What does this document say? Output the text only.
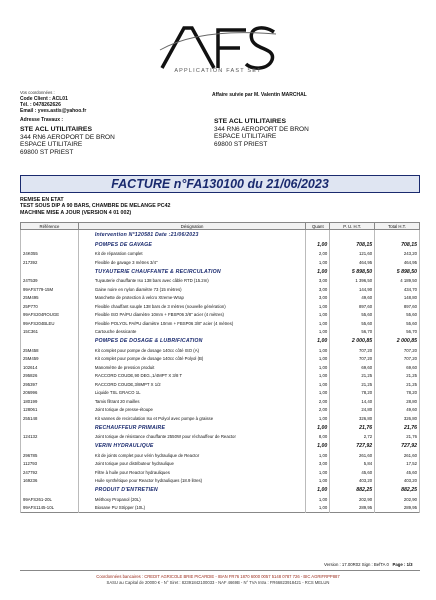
APPLICATION FAST SET
Vos coordonnées :
Code Client : ACL01
Tél. : 0478262626
Email : yves.astis@yahoo.fr
Affaire suivie par M. Valentin MARCHAL
Adresse Travaux :
STE ACL UTILITAIRES
344 RN6 AEROPORT DE BRON
ESPACE UTILITAIRE
69800 ST PRIEST
STE ACL UTILITAIRES
344 RN6 AEROPORT DE BRON
ESPACE UTILITAIRE
69800 ST PRIEST
FACTURE n°FA130100 du 21/06/2023
REMISE EN ETAT
TEST SOUS DIP A 90 BARS, CHAMBRE DE MELANGE PC42
MACHINE MISE A JOUR (VERSION 4 01 002)
Référence	Désignation	Quant	P. U. H.T.	Total H.T.
	Intervention N°120581 Date :21/06/2023			
	POMPES DE GAVAGE	1,00	708,15	708,15
24K055	Kit de réparation complet	2,00	121,60	243,20
217392	Flexible de gavage 3 mètres 3/4"	1,00	464,95	464,95
	TUYAUTERIE CHAUFFANTE & RECIRCULATION	1,00	5 898,50	5 898,50
24T539	Tuyauterie chauffante Iso 138 bars avec câble RTD (15.2m)	3,00	1 396,50	4 189,50
99AFS779-15M	Gaine noire en nylon diamètre 73 (15 mètres)	3,00	144,90	434,70
25M495	Manchette de protection à velcro Xtreme-Wrap	3,00	49,60	148,80
25P770	Flexible chauffant souple 138 bars de 3 mètres (nouvelle génération)	1,00	897,60	897,60
99AFS204ROUGE	Flexible ISO PA/PU diamètre 10mm + FBSP06 3/8" acier (4 mètres)	1,00	55,60	55,60
99AFS204BLEU	Flexible POLYOL PA/PU diamètre 10mm + FBSP06 3/8" acier (4 mètres)	1,00	55,60	55,60
15C361	Cartouche dessicante	1,00	56,70	56,70
	POMPES DE DOSAGE & LUBRIFICATION	1,00	2 000,85	2 000,85
25M458	Kit complet pour pompe de dosage 140cc côté ISO (A)	1,00	707,20	707,20
25M459	Kit complet pour pompe de dosage 140cc côté Polyol (B)	1,00	707,20	707,20
102614	Manomètre de pression produit	1,00	69,60	69,60
295826	RACCORD COUDE,90 DEG.,1/4MPT X 3/8 T	1,00	21,25	21,25
295397	RACCORD COUDE,3/8MPT X 1/2	1,00	21,25	21,25
206996	Liquide TSL GRACO 1L	1,00	78,20	78,20
180199	Tamis filtrant 20 mailles	2,00	14,40	28,80
128061	Joint torique de presse-étoupe	2,00	24,80	49,60
255148	Kit vannes de recirculation Iso et Polyol avec pompe à graisse	1,00	326,80	326,80
	RECHAUFFEUR PRIMAIRE	1,00	21,76	21,76
124132	Joint torique de résistance chauffante 2550W pour réchauffeur de Reactor	8,00	2,72	21,76
	VERIN HYDRAULIQUE	1,00	727,92	727,92
296785	Kit de joints complet pour vérin hydraulique de Reactor	1,00	261,60	261,60
112793	Joint torique pour distributeur hydraulique	3,00	5,84	17,52
247792	Filtre à huile pour Reactor hydrauliques	1,00	45,60	45,60
169236	Huile synthétique pour Reactor hydrauliques (18.9 litres)	1,00	403,20	403,20
	PRODUIT D'ENTRETIEN	1,00	882,25	882,25
99AFS261-20L	Méthoxy Propanol (20L)	1,00	202,90	202,90
99AFS1145-10L	Biosane PU Stripper (10L)	1,00	289,95	289,95
Version : 17.00R02 Sign : BefTA 0 Page : 1/3
Coordonnées bancaires : CREDIT AGRICOLE BRIE PICARDIE - IBAN FR76 1870 6000 0057 5148 0787 726 - BIC AGRIFRPP887
SASU au Capital de 20000 € - N° Siret : 82391842100033 - NAF 4669B - N° TVA Intra : FR66823918421 - RCS MELUN
